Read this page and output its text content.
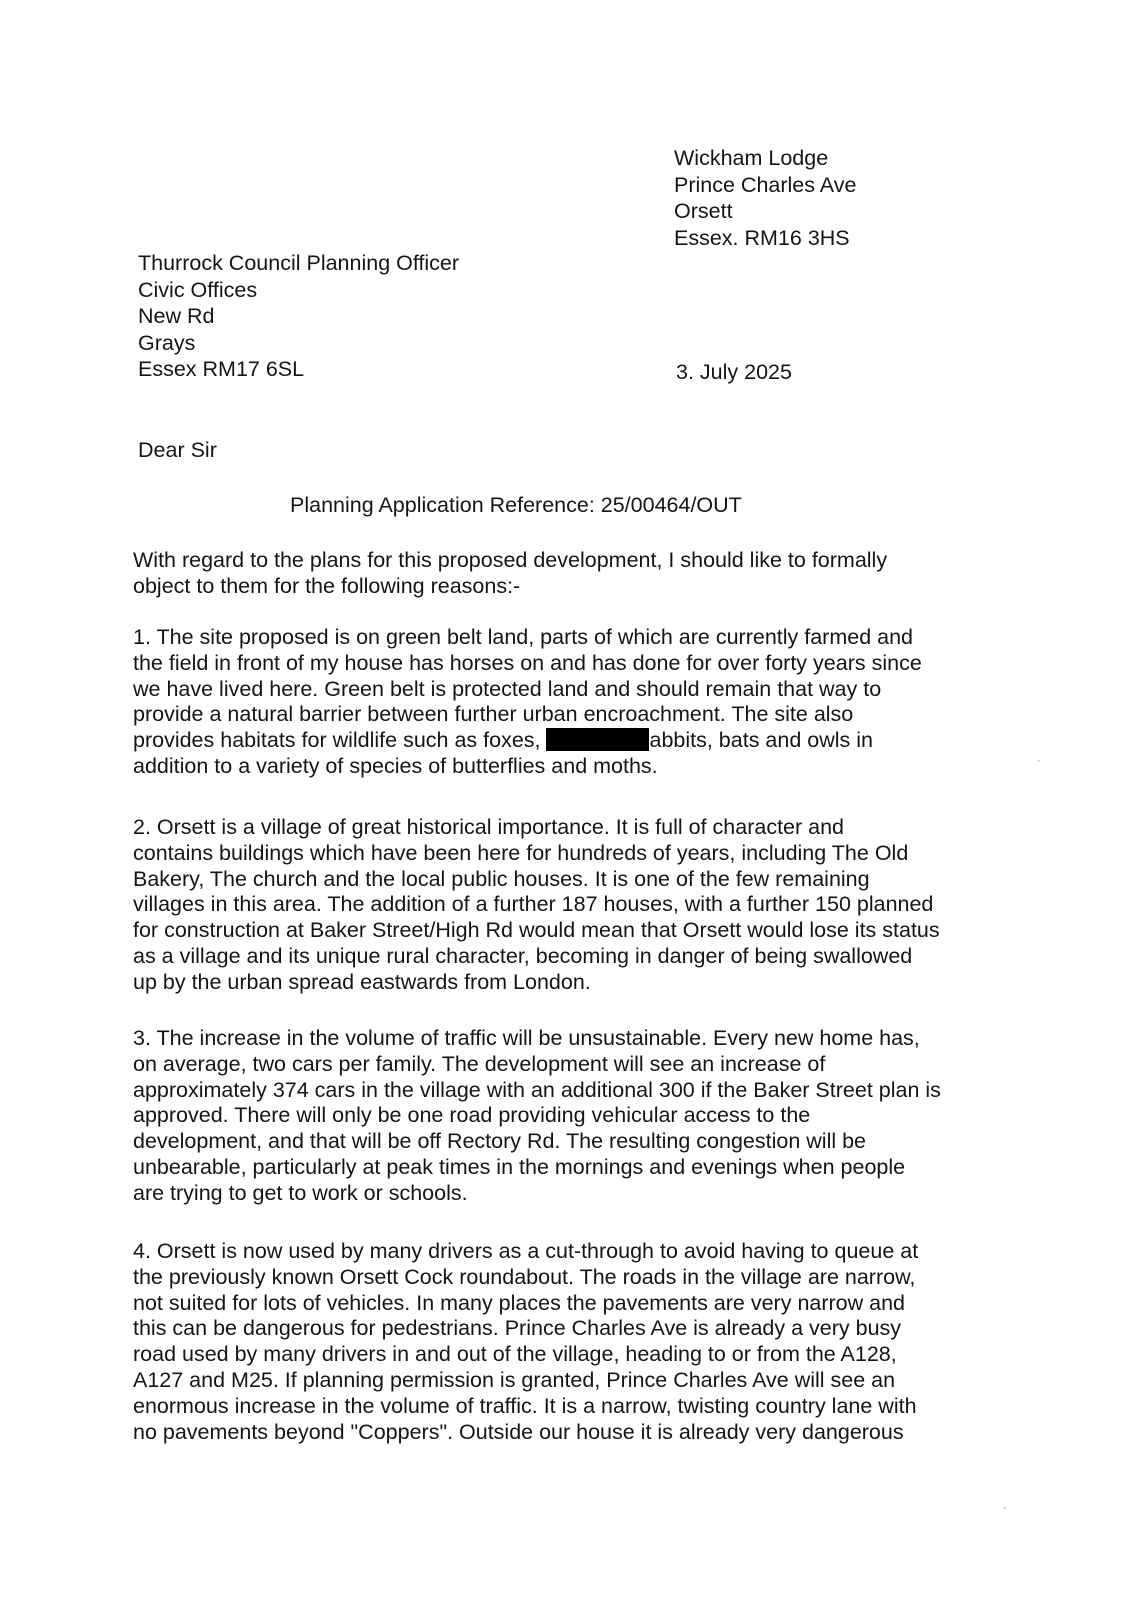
Wickham Lodge
Prince Charles Ave
Orsett
Essex. RM16 3HS
Thurrock Council Planning Officer
Civic Offices
New Rd
Grays
Essex RM17 6SL	3. July 2025
Dear Sir
Planning Application Reference: 25/00464/OUT
With regard to the plans for this proposed development, I should like to formally
object to them for the following reasons:-
1. The site proposed is on green belt land, parts of which are currently farmed and
the field in front of my house has horses on and has done for over forty years since
we have lived here. Green belt is protected land and should remain that way to
provide a natural barrier between further urban encroachment. The site also
provides habitats for wildlife such as foxes,	abbits, bats and owls in
addition to a variety of species of butterflies and moths.
2. Orsett is a village of great historical importance. It is full of character and
contains buildings which have been here for hundreds of years, including The Old
Bakery, The church and the local public houses. It is one of the few remaining
villages in this area. The addition of a further 187 houses, with a further 150 planned
for construction at Baker Street/High Rd would mean that Orsett would lose its status
as a village and its unique rural character, becoming in danger of being swallowed
up by the urban spread eastwards from London.
3. The increase in the volume of traffic will be unsustainable. Every new home has,
on average, two cars per family. The development will see an increase of
approximately 374 cars in the village with an additional 300 if the Baker Street plan is
approved. There will only be one road providing vehicular access to the
development, and that will be off Rectory Rd. The resulting congestion will be
unbearable, particularly at peak times in the mornings and evenings when people
are trying to get to work or schools.
4. Orsett is now used by many drivers as a cut-through to avoid having to queue at
the previously known Orsett Cock roundabout. The roads in the village are narrow,
not suited for lots of vehicles. In many places the pavements are very narrow and
this can be dangerous for pedestrians. Prince Charles Ave is already a very busy
road used by many drivers in and out of the village, heading to or from the A128,
A127 and M25. If planning permission is granted, Prince Charles Ave will see an
enormous increase in the volume of traffic. It is a narrow, twisting country lane with
no pavements beyond "Coppers". Outside our house it is already very dangerous
